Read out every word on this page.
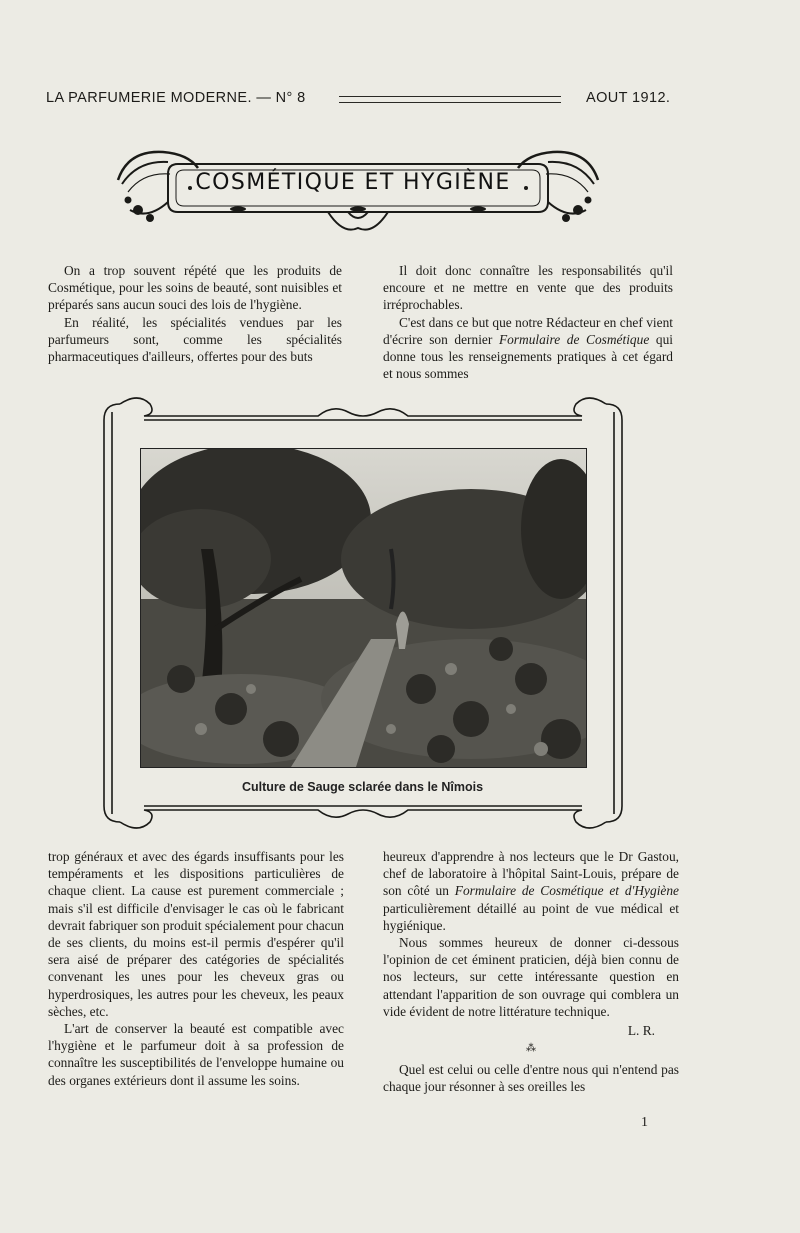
LA PARFUMERIE MODERNE. — N° 8	AOUT 1912.
COSMÉTIQUE ET HYGIÈNE

On a trop souvent répété que les produits de Cosmétique, pour les soins de beauté, sont nuisibles et préparés sans aucun souci des lois de l'hygiène.

En réalité, les spécialités vendues par les parfumeurs sont, comme les spécialités pharmaceutiques d'ailleurs, offertes pour des buts

Il doit donc connaître les responsabilités qu'il encoure et ne mettre en vente que des produits irréprochables.

C'est dans ce but que notre Rédacteur en chef vient d'écrire son dernier Formulaire de Cosmétique qui donne tous les renseignements pratiques à cet égard et nous sommes

Culture de Sauge sclarée dans le Nîmois

trop généraux et avec des égards insuffisants pour les tempéraments et les dispositions particulières de chaque client. La cause est purement commerciale ; mais s'il est difficile d'envisager le cas où le fabricant devrait fabriquer son produit spécialement pour chacun de ses clients, du moins est-il permis d'espérer qu'il sera aisé de préparer des catégories de spécialités convenant les unes pour les cheveux gras ou hyperdrosiques, les autres pour les cheveux, les peaux sèches, etc.

L'art de conserver la beauté est compatible avec l'hygiène et le parfumeur doit à sa profession de connaître les susceptibilités de l'enveloppe humaine ou des organes extérieurs dont il assume les soins.

heureux d'apprendre à nos lecteurs que le Dr Gastou, chef de laboratoire à l'hôpital Saint-Louis, prépare de son côté un Formulaire de Cosmétique et d'Hygiène particulièrement détaillé au point de vue médical et hygiénique.

Nous sommes heureux de donner ci-dessous l'opinion de cet éminent praticien, déjà bien connu de nos lecteurs, sur cette intéressante question en attendant l'apparition de son ouvrage qui comblera un vide évident de notre littérature technique.

L. R.
⁂

Quel est celui ou celle d'entre nous qui n'entend pas chaque jour résonner à ses oreilles les

1
